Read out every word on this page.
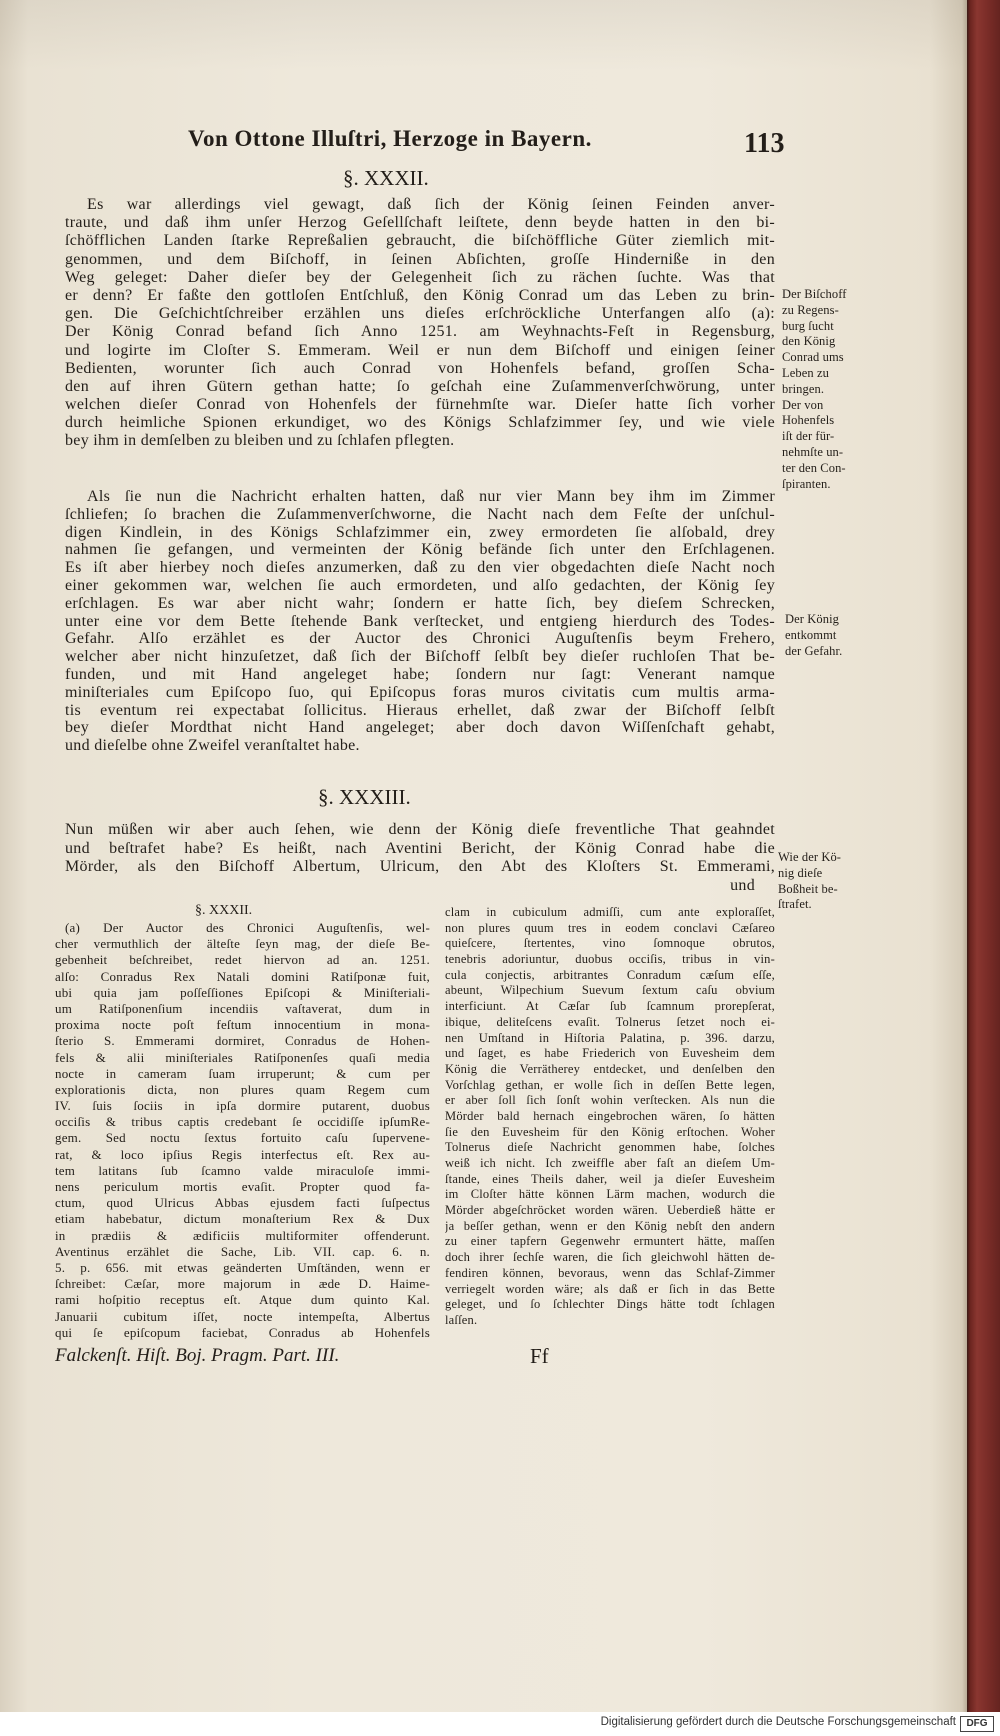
Von Ottone Illuſtri, Herzoge in Bayern.	113
§. XXXII.
Es war allerdings viel gewagt, daß ſich der König ſeinen Feinden anver-
traute, und daß ihm unſer Herzog Geſellſchaft leiſtete, denn beyde hatten in den bi-
ſchöfflichen Landen ſtarke Repreßalien gebraucht, die biſchöffliche Güter ziemlich mit-
genommen, und dem Biſchoff, in ſeinen Abſichten, groſſe Hinderniße in den
Weg geleget: Daher dieſer bey der Gelegenheit ſich zu rächen ſuchte. Was that
er denn? Er faßte den gottloſen Entſchluß, den König Conrad um das Leben zu brin-
gen. Die Geſchichtſchreiber erzählen uns dieſes erſchröckliche Unterfangen alſo (a):
Der König Conrad befand ſich Anno 1251. am Weyhnachts-Feſt in Regensburg,
und logirte im Cloſter S. Emmeram. Weil er nun dem Biſchoff und einigen ſeiner
Bedienten, worunter ſich auch Conrad von Hohenfels befand, groſſen Scha-
den auf ihren Gütern gethan hatte; ſo geſchah eine Zuſammenverſchwörung, unter
welchen dieſer Conrad von Hohenfels der fürnehmſte war. Dieſer hatte ſich vorher
durch heimliche Spionen erkundiget, wo des Königs Schlafzimmer ſey, und wie viele
bey ihm in demſelben zu bleiben und zu ſchlafen pflegten.
Der Biſchoff
zu Regens-
burg ſucht
den König
Conrad ums
Leben zu
bringen.
Der von
Hohenfels
iſt der für-
nehmſte un-
ter den Con-
ſpiranten.
Als ſie nun die Nachricht erhalten hatten, daß nur vier Mann bey ihm im Zimmer
ſchliefen; ſo brachen die Zuſammenverſchworne, die Nacht nach dem Feſte der unſchul-
digen Kindlein, in des Königs Schlafzimmer ein, zwey ermordeten ſie alſobald, drey
nahmen ſie gefangen, und vermeinten der König befände ſich unter den Erſchlagenen.
Es iſt aber hierbey noch dieſes anzumerken, daß zu den vier obgedachten dieſe Nacht noch
einer gekommen war, welchen ſie auch ermordeten, und alſo gedachten, der König ſey
erſchlagen. Es war aber nicht wahr; ſondern er hatte ſich, bey dieſem Schrecken,
unter eine vor dem Bette ſtehende Bank verſtecket, und entgieng hierdurch des Todes-
Gefahr. Alſo erzählet es der Auctor des Chronici Auguſtenſis beym Frehero,
welcher aber nicht hinzuſetzet, daß ſich der Biſchoff ſelbſt bey dieſer ruchloſen That be-
funden, und mit Hand angeleget habe; ſondern nur ſagt: Venerant namque
miniſteriales cum Epiſcopo ſuo, qui Epiſcopus foras muros civitatis cum multis arma-
tis eventum rei expectabat ſollicitus. Hieraus erhellet, daß zwar der Biſchoff ſelbſt
bey dieſer Mordthat nicht Hand angeleget; aber doch davon Wiſſenſchaft gehabt,
und dieſelbe ohne Zweifel veranſtaltet habe.
Der König
entkommt
der Gefahr.
§. XXXIII.
Nun müßen wir aber auch ſehen, wie denn der König dieſe freventliche That geahndet
und beſtrafet habe? Es heißt, nach Aventini Bericht, der König Conrad habe die
Mörder, als den Biſchoff Albertum, Ulricum, den Abt des Kloſters St. Emmerami,
und
Wie der Kö-
nig dieſe
Boßheit be-
ſtrafet.
§. XXXII.
(a) Der Auctor des Chronici Auguſtenſis, wel-
cher vermuthlich der älteſte ſeyn mag, der dieſe Be-
gebenheit beſchreibet, redet hiervon ad an. 1251.
alſo: Conradus Rex Natali domini Ratiſponæ fuit,
ubi quia jam poſſeſſiones Epiſcopi & Miniſteriali-
um Ratiſponenſium incendiis vaſtaverat, dum in
proxima nocte poſt feſtum innocentium in mona-
ſterio S. Emmerami dormiret, Conradus de Hohen-
fels & alii miniſteriales Ratiſponenſes quaſi media
nocte in cameram ſuam irruperunt; & cum per
explorationis dicta, non plures quam Regem cum
IV. ſuis ſociis in ipſa dormire putarent, duobus
occiſis & tribus captis credebant ſe occidiſſe ipſumRe-
gem. Sed noctu ſextus fortuito caſu ſupervene-
rat, & loco ipſius Regis interfectus eſt. Rex au-
tem latitans ſub ſcamno valde miraculoſe immi-
nens periculum mortis evaſit. Propter quod fa-
ctum, quod Ulricus Abbas ejusdem facti ſuſpectus
etiam habebatur, dictum monaſterium Rex & Dux
in prædiis & ædificiis multiformiter offenderunt.
Aventinus erzählet die Sache, Lib. VII. cap. 6. n.
5. p. 656. mit etwas geänderten Umſtänden, wenn er
ſchreibet: Cæſar, more majorum in æde D. Haime-
rami hoſpitio receptus eſt. Atque dum quinto Kal.
Januarii cubitum iſſet, nocte intempeſta, Albertus
qui ſe epiſcopum faciebat, Conradus ab Hohenfels
clam in cubiculum admiſſi, cum ante exploraſſet,
non plures quum tres in eodem conclavi Cæſareo
quieſcere, ſtertentes, vino ſomnoque obrutos,
tenebris adoriuntur, duobus occiſis, tribus in vin-
cula conjectis, arbitrantes Conradum cæſum eſſe,
abeunt, Wilpechium Suevum ſextum caſu obvium
interficiunt. At Cæſar ſub ſcamnum prorepſerat,
ibique, deliteſcens evaſit. Tolnerus ſetzet noch ei-
nen Umſtand in Hiſtoria Palatina, p. 396. darzu,
und ſaget, es habe Friederich von Euvesheim dem
König die Verrätherey entdecket, und denſelben den
Vorſchlag gethan, er wolle ſich in deſſen Bette legen,
er aber ſoll ſich ſonſt wohin verſtecken. Als nun die
Mörder bald hernach eingebrochen wären, ſo hätten
ſie den Euvesheim für den König erſtochen. Woher
Tolnerus dieſe Nachricht genommen habe, ſolches
weiß ich nicht. Ich zweiffle aber faſt an dieſem Um-
ſtande, eines Theils daher, weil ja dieſer Euvesheim
im Cloſter hätte können Lärm machen, wodurch die
Mörder abgeſchröcket worden wären. Ueberdieß hätte er
ja beſſer gethan, wenn er den König nebſt den andern
zu einer tapfern Gegenwehr ermuntert hätte, maſſen
doch ihrer ſechſe waren, die ſich gleichwohl hätten de-
fendiren können, bevoraus, wenn das Schlaf-Zimmer
verriegelt worden wäre; als daß er ſich in das Bette
geleget, und ſo ſchlechter Dings hätte todt ſchlagen
laſſen.
Falckenſt. Hiſt. Boj. Pragm. Part. III.	Ff
Digitalisierung gefördert durch die Deutsche Forschungsgemeinschaft	DFG
